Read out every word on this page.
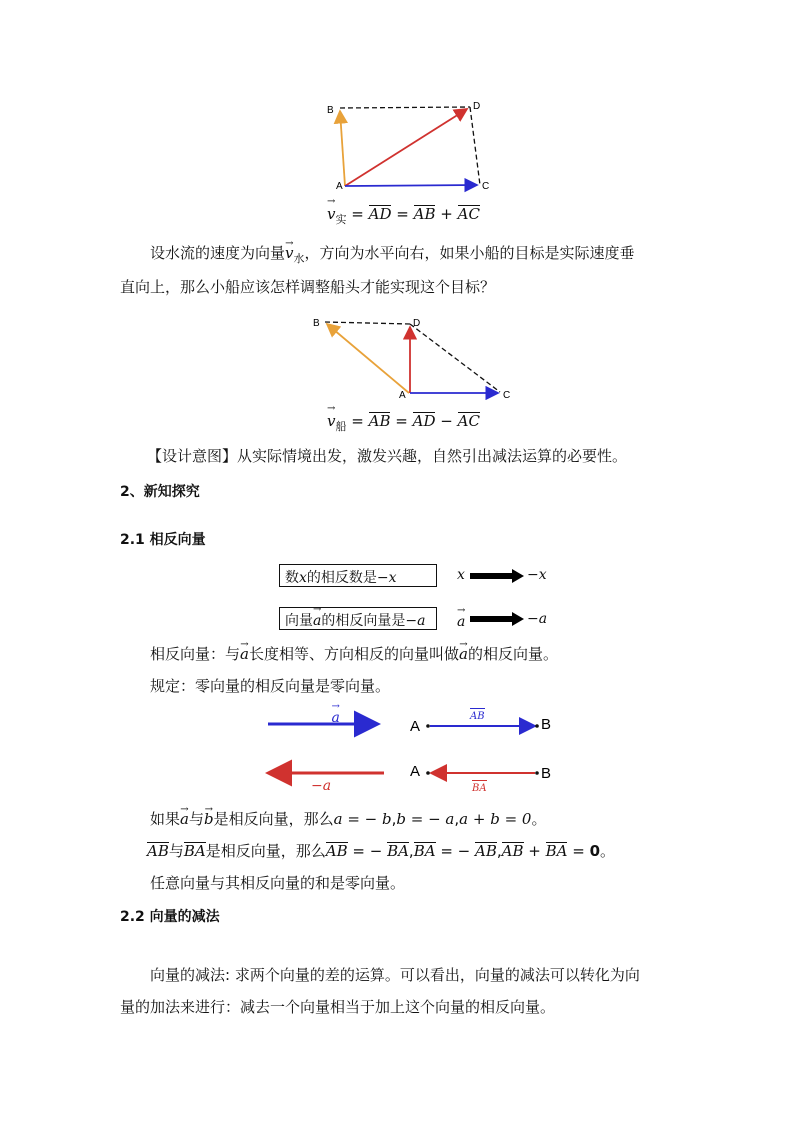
B	D
A	C
→ $v_实$ = AD = AB + AC
设水流的速度为向量→ $v_水$，方向为水平向右，如果小船的目标是实际速度垂
直向上，那么小船应该怎样调整船头才能实现这个目标？
B	D
A	C
→ $v_船$ = AB = AD − AC
【设计意图】从实际情境出发，激发兴趣，自然引出减法运算的必要性。
2、新知探究
2.1 相反向量
数x的相反数是−x	x	−x
向量→ a的相反向量是−a
→	a	−a
相反向量：与→ a长度相等、方向相反的向量叫做→ a的相反向量。
规定：零向量的相反向量是零向量。
A	B
A	B
→ a	AB
−a	BA
如果→ a与→ b是相反向量，那么a = − b,b = − a,a + b = 0。
AB与BA是相反向量，那么AB = − BA,BA = − AB,AB + BA = 0。
任意向量与其相反向量的和是零向量。
2.2 向量的减法
向量的减法: 求两个向量的差的运算。可以看出，向量的减法可以转化为向
量的加法来进行：减去一个向量相当于加上这个向量的相反向量。
